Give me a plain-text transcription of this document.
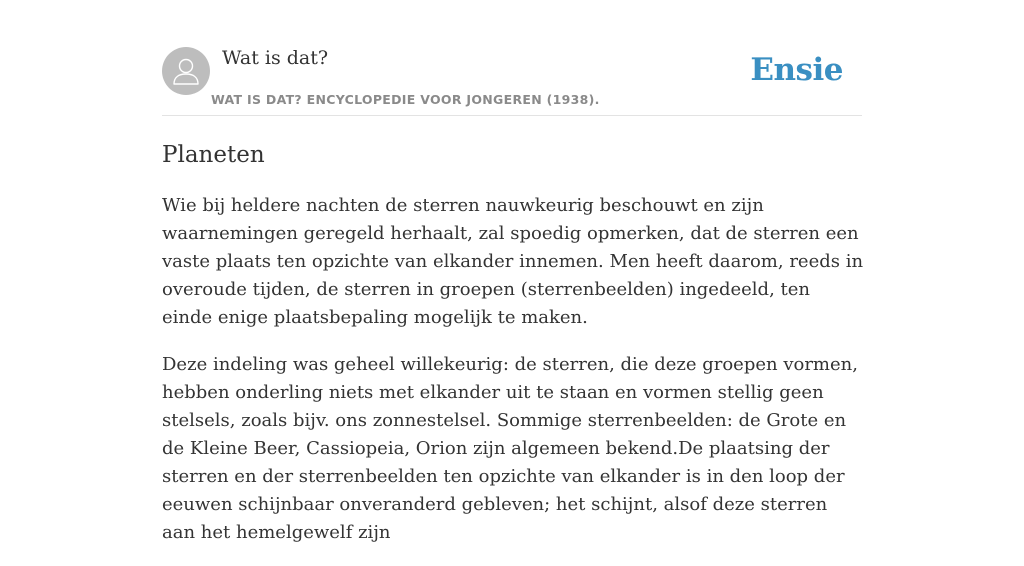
Wat is dat?
WAT IS DAT? ENCYCLOPEDIE VOOR JONGEREN (1938).
Ensie
Planeten

Wie bij heldere nachten de sterren nauwkeurig beschouwt en zijn waarnemingen geregeld herhaalt, zal spoedig opmerken, dat de sterren een vaste plaats ten opzichte van elkander innemen. Men heeft daarom, reeds in overoude tijden, de sterren in groepen (sterrenbeelden) ingedeeld, ten einde enige plaatsbepaling mogelijk te maken.

Deze indeling was geheel willekeurig: de sterren, die deze groepen vormen, hebben onderling niets met elkander uit te staan en vormen stellig geen stelsels, zoals bijv. ons zonnestelsel. Sommige sterrenbeelden: de Grote en de Kleine Beer, Cassiopeia, Orion zijn algemeen bekend.De plaatsing der sterren en der sterrenbeelden ten opzichte van elkander is in den loop der eeuwen schijnbaar onveranderd gebleven; het schijnt, alsof deze sterren aan het hemelgewelf zijn
